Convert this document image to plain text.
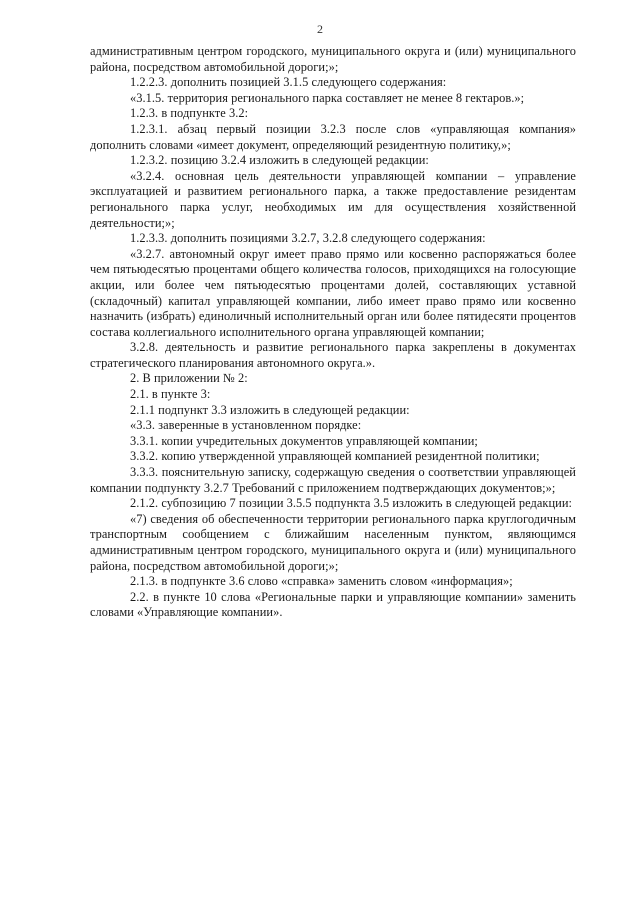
2

административным центром городского, муниципального округа и (или) муниципального района, посредством автомобильной дороги;»;

1.2.2.3. дополнить позицией 3.1.5 следующего содержания:

«3.1.5. территория регионального парка составляет не менее 8 гектаров.»;

1.2.3. в подпункте 3.2:

1.2.3.1. абзац первый позиции 3.2.3 после слов «управляющая компания» дополнить словами «имеет документ, определяющий резидентную политику,»;

1.2.3.2. позицию 3.2.4 изложить в следующей редакции:

«3.2.4. основная цель деятельности управляющей компании – управление эксплуатацией и развитием регионального парка, а также предоставление резидентам регионального парка услуг, необходимых им для осуществления хозяйственной деятельности;»;

1.2.3.3. дополнить позициями 3.2.7, 3.2.8 следующего содержания:

«3.2.7. автономный округ имеет право прямо или косвенно распоряжаться более чем пятьюдесятью процентами общего количества голосов, приходящихся на голосующие акции, или более чем пятьюдесятью процентами долей, составляющих уставной (складочный) капитал управляющей компании, либо имеет право прямо или косвенно назначить (избрать) единоличный исполнительный орган или более пятидесяти процентов состава коллегиального исполнительного органа управляющей компании;

3.2.8. деятельность и развитие регионального парка закреплены в документах стратегического планирования автономного округа.».

2. В приложении № 2:

2.1. в пункте 3:

2.1.1 подпункт 3.3 изложить в следующей редакции:

«3.3. заверенные в установленном порядке:

3.3.1. копии учредительных документов управляющей компании;

3.3.2. копию утвержденной управляющей компанией резидентной политики;

3.3.3. пояснительную записку, содержащую сведения о соответствии управляющей компании подпункту 3.2.7 Требований с приложением подтверждающих документов;»;

2.1.2. субпозицию 7 позиции 3.5.5 подпункта 3.5 изложить в следующей редакции:

«7) сведения об обеспеченности территории регионального парка круглогодичным транспортным сообщением с ближайшим населенным пунктом, являющимся административным центром городского, муниципального округа и (или) муниципального района, посредством автомобильной дороги;»;

2.1.3. в подпункте 3.6 слово «справка» заменить словом «информация»;

2.2. в пункте 10 слова «Региональные парки и управляющие компании» заменить словами «Управляющие компании».
